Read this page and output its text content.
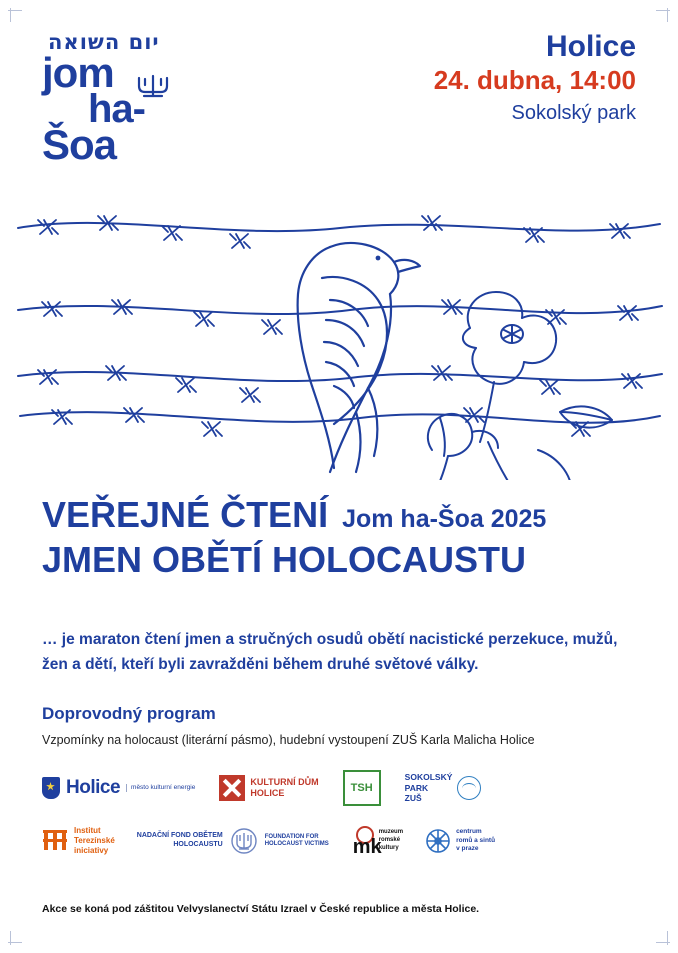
יום השואה
jom
ha-
Šoa
Holice
24. dubna, 14:00
Sokolský park
VEŘEJNÉ ČTENÍ Jom ha-Šoa 2025
JMEN OBĚTÍ HOLOCAUSTU
… je maraton čtení jmen a stručných osudů obětí nacistické perzekuce, mužů, žen a dětí, kteří byli zavražděni během druhé světové války.
Doprovodný program
Vzpomínky na holocaust (literární pásmo), hudební vystoupení ZUŠ Karla Malicha Holice
Holice	město kulturní energie
KULTURNÍ DŮM
HOLICE	TSH
SOKOLSKÝ
PARK
ZUŠ
Institut
Terezínské
iniciativy
NADAČNÍ FOND OBĚTEM
HOLOCAUSTU
FOUNDATION FOR
HOLOCAUST VICTIMS mk
muzeum
romské
kultury
centrum
romů a sintů
v praze
Akce se koná pod záštitou Velvyslanectví Státu Izrael v České republice a města Holice.
